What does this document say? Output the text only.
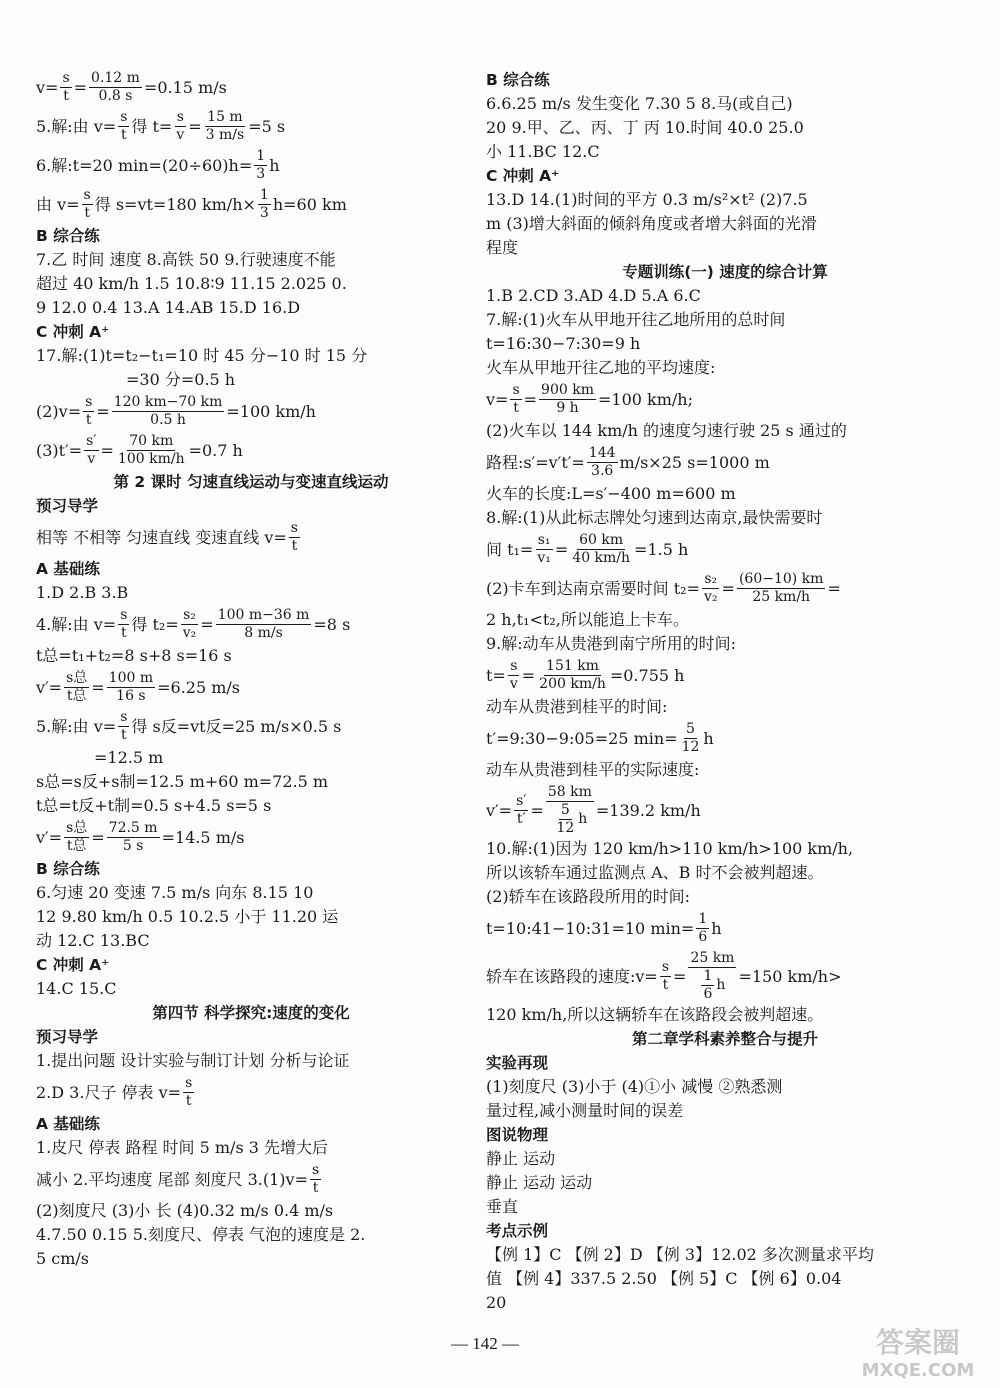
$v= \frac{s}{t} = \frac{0.12 m}{0.8 s} =0.15$ m/s
5.解:由 $v= \frac{s}{t}$ 得 $t= \frac{s}{v} = \frac{15 m}{3 m/s} =5$ s
6.解:t=20 $\min=(20\div 60)h= \frac{1}{3}$ h
由 $v= \frac{s}{t}$ 得 s=vt=180 $km/h\times \frac{1}{3} h=60$ km
B 综合练
7.乙 时间 速度 8.高铁 50 9.行驶速度不能
超过 40 km/h 1.5 10.8∶9 11.15 2.025 0.
9 12.0 0.4 13.A 14.AB 15.D 16.D
C 冲刺 A⁺
17.解:(1)t=t₂−t₁=10 时 45 分−10 时 15 分
=30 分=0.5 h
$(2)v= \frac{s}{t} = \frac{120 km-70 km}{0.5 h} =100$ km/h
$(3)t'= \frac{s'}{v} = \frac{70 km}{100 km/h} =0.7$ h
第 2 课时 匀速直线运动与变速直线运动
预习导学
相等 不相等 匀速直线 变速直线 $v= \frac{s}{t}$
A 基础练
1.D 2.B 3.B
4.解:由 $v= \frac{s}{t}$ 得 $t_2= \frac{\text{s₂}}{\text{v₂}} = \frac{100 m-36 m}{8 m/s} =8$ s
t总=t₁+t₂=8 s+8 s=16 s
$v'= \frac{\text{s总}}{\text{t总}} = \frac{100 m}{16 s} =6.25$ m/s
5.解:由 $v= \frac{s}{t}$ 得 s反=vt反=25 m/s×0.5 s
=12.5 m
s总=s反+s制=12.5 m+60 m=72.5 m
t总=t反+t制=0.5 s+4.5 s=5 s
$v'= \frac{\text{s总}}{\text{t总}} = \frac{72.5 m}{5 s} =14.5$ m/s
B 综合练
6.匀速 20 变速 7.5 m/s 向东 8.15 10
12 9.80 km/h 0.5 10.2.5 小于 11.20 运
动 12.C 13.BC
C 冲刺 A⁺
14.C 15.C
第四节 科学探究:速度的变化
预习导学
1.提出问题 设计实验与制订计划 分析与论证
2.D 3.尺子 停表 $v= \frac{s}{t}$
A 基础练
1.皮尺 停表 路程 时间 5 m/s 3 先增大后
减小 2.平均速度 尾部 刻度尺 $3.(1)v= \frac{s}{t}$
(2)刻度尺 (3)小 长 (4)0.32 m/s 0.4 m/s
4.7.50 0.15 5.刻度尺、停表 气泡的速度是 2.
5 cm/s
B 综合练
6.6.25 m/s 发生变化 7.30 5 8.马(或自己)
20 9.甲、乙、丙、丁 丙 10.时间 40.0 25.0
小 11.BC 12.C
C 冲刺 A⁺
13.D 14.(1)时间的平方 0.3 m/s²×t² (2)7.5
m (3)增大斜面的倾斜角度或者增大斜面的光滑
程度
专题训练(一) 速度的综合计算
1.B 2.CD 3.AD 4.D 5.A 6.C
7.解:(1)火车从甲地开往乙地所用的总时间
t=16:30−7:30=9 h
火车从甲地开往乙地的平均速度:
$v= \frac{s}{t} = \frac{900 km}{9 h} =100$ km/h;
(2)火车以 144 km/h 的速度匀速行驶 25 s 通过的
路程:s′=v′t′= $\frac{144}{3.6} m/s\times 25$ s=1000 m
火车的长度:L=s′−400 m=600 m
8.解:(1)从此标志牌处匀速到达南京,最快需要时
间 $t_1= \frac{\text{s₁}}{\text{v₁}} = \frac{60 km}{40 km/h} =1.5$ h
(2)卡车到达南京需要时间 $t_2= \frac{\text{s₂}}{\text{v₂}} = \frac{(60-10) km}{25 km/h}$ =
2 h,t₁<t₂,所以能追上卡车。
9.解:动车从贵港到南宁所用的时间:
$t= \frac{s}{v} = \frac{151 km}{200 km/h} =0.755$ h
动车从贵港到桂平的时间:
t′=9:30−9:05=25 $\min= \frac{5}{12}$ h
动车从贵港到桂平的实际速度:
$v'= \frac{s'}{t'} = \frac{58 km}{\frac{5}{12} h} =139.2$ km/h
10.解:(1)因为 120 km/h>110 km/h>100 km/h,
所以该轿车通过监测点 A、B 时不会被判超速。
(2)轿车在该路段所用的时间:
t=10:41−10:31=10 $\min= \frac{1}{6}$ h
轿车在该路段的速度:v= $\frac{s}{t} = \frac{25 km}{\frac{1}{6} h} =150$ km/h>
120 km/h,所以这辆轿车在该路段会被判超速。
第二章学科素养整合与提升
实验再现
(1)刻度尺 (3)小于 (4)①小 减慢 ②熟悉测
量过程,减小测量时间的误差
图说物理
静止 运动
静止 运动 运动
垂直
考点示例
【例 1】C 【例 2】D 【例 3】12.02 多次测量求平均
值 【例 4】337.5 2.50 【例 5】C 【例 6】0.04
20
— 142 —	答案圈
MXQE.COM
